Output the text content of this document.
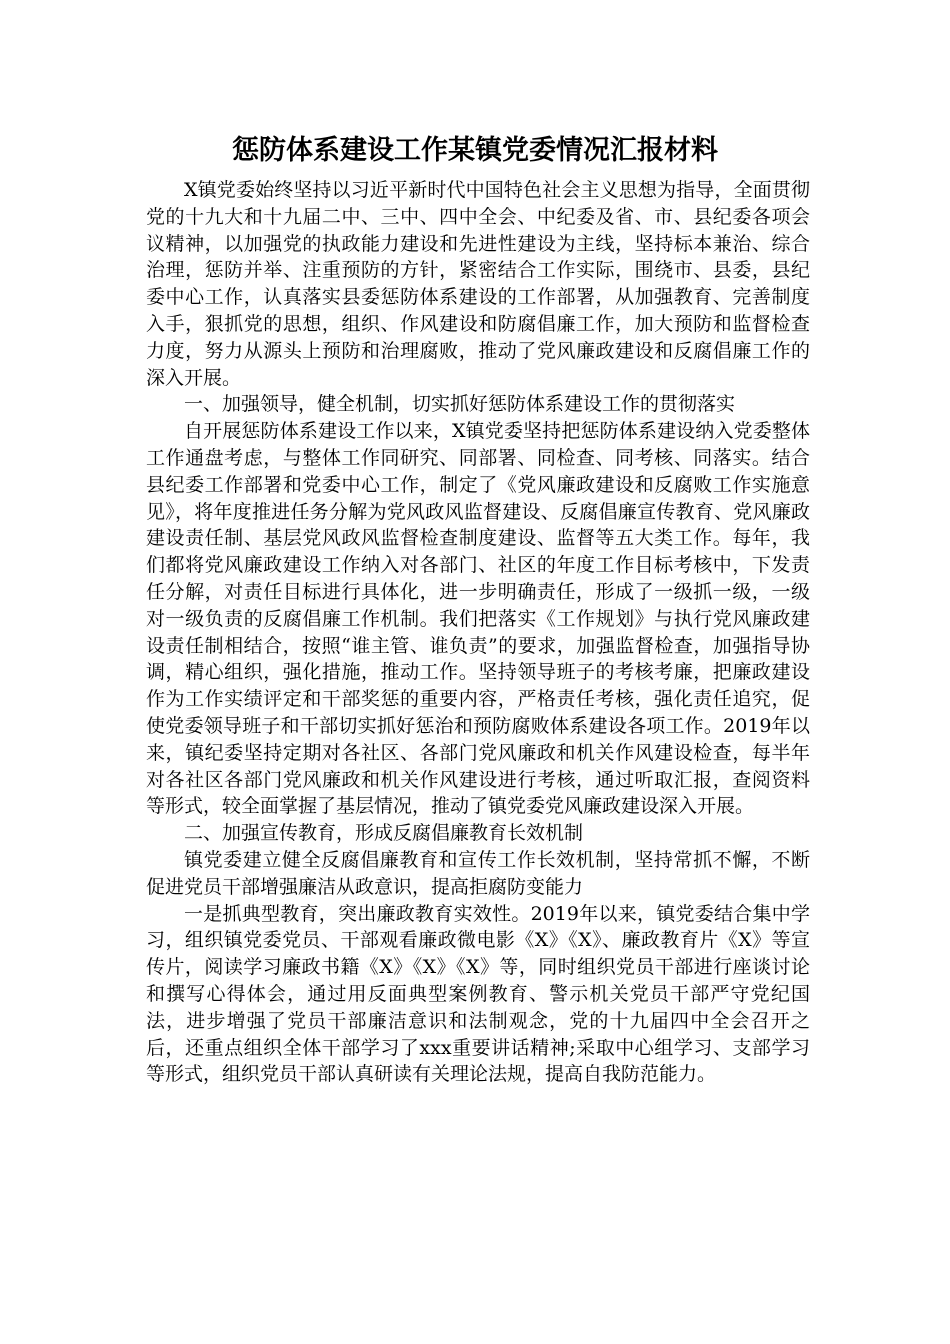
惩防体系建设工作某镇党委情况汇报材料

X镇党委始终坚持以习近平新时代中国特色社会主义思想为指导，全面贯彻党的十九大和十九届二中、三中、四中全会、中纪委及省、市、县纪委各项会议精神，以加强党的执政能力建设和先进性建设为主线，坚持标本兼治、综合治理，惩防并举、注重预防的方针，紧密结合工作实际，围绕市、县委，县纪委中心工作，认真落实县委惩防体系建设的工作部署，从加强教育、完善制度入手，狠抓党的思想，组织、作风建设和防腐倡廉工作，加大预防和监督检查力度，努力从源头上预防和治理腐败，推动了党风廉政建设和反腐倡廉工作的深入开展。

一、加强领导，健全机制，切实抓好惩防体系建设工作的贯彻落实

自开展惩防体系建设工作以来，X镇党委坚持把惩防体系建设纳入党委整体工作通盘考虑，与整体工作同研究、同部署、同检查、同考核、同落实。结合县纪委工作部署和党委中心工作，制定了《党风廉政建设和反腐败工作实施意见》，将年度推进任务分解为党风政风监督建设、反腐倡廉宣传教育、党风廉政建设责任制、基层党风政风监督检查制度建设、监督等五大类工作。每年，我们都将党风廉政建设工作纳入对各部门、社区的年度工作目标考核中，下发责任分解，对责任目标进行具体化，进一步明确责任，形成了一级抓一级，一级对一级负责的反腐倡廉工作机制。我们把落实《工作规划》与执行党风廉政建设责任制相结合，按照“谁主管、谁负责”的要求，加强监督检查，加强指导协调，精心组织，强化措施，推动工作。坚持领导班子的考核考廉，把廉政建设作为工作实绩评定和干部奖惩的重要内容，严格责任考核，强化责任追究，促使党委领导班子和干部切实抓好惩治和预防腐败体系建设各项工作。2019年以来，镇纪委坚持定期对各社区、各部门党风廉政和机关作风建设检查，每半年对各社区各部门党风廉政和机关作风建设进行考核，通过听取汇报，查阅资料等形式，较全面掌握了基层情况，推动了镇党委党风廉政建设深入开展。

二、加强宣传教育，形成反腐倡廉教育长效机制

镇党委建立健全反腐倡廉教育和宣传工作长效机制，坚持常抓不懈，不断促进党员干部增强廉洁从政意识，提高拒腐防变能力

一是抓典型教育，突出廉政教育实效性。2019年以来，镇党委结合集中学习，组织镇党委党员、干部观看廉政微电影《X》《X》、廉政教育片《X》等宣传片，阅读学习廉政书籍《X》《X》《X》等，同时组织党员干部进行座谈讨论和撰写心得体会，通过用反面典型案例教育、警示机关党员干部严守党纪国法，进步增强了党员干部廉洁意识和法制观念，党的十九届四中全会召开之后，还重点组织全体干部学习了xxx重要讲话精神;采取中心组学习、支部学习等形式，组织党员干部认真研读有关理论法规，提高自我防范能力。
